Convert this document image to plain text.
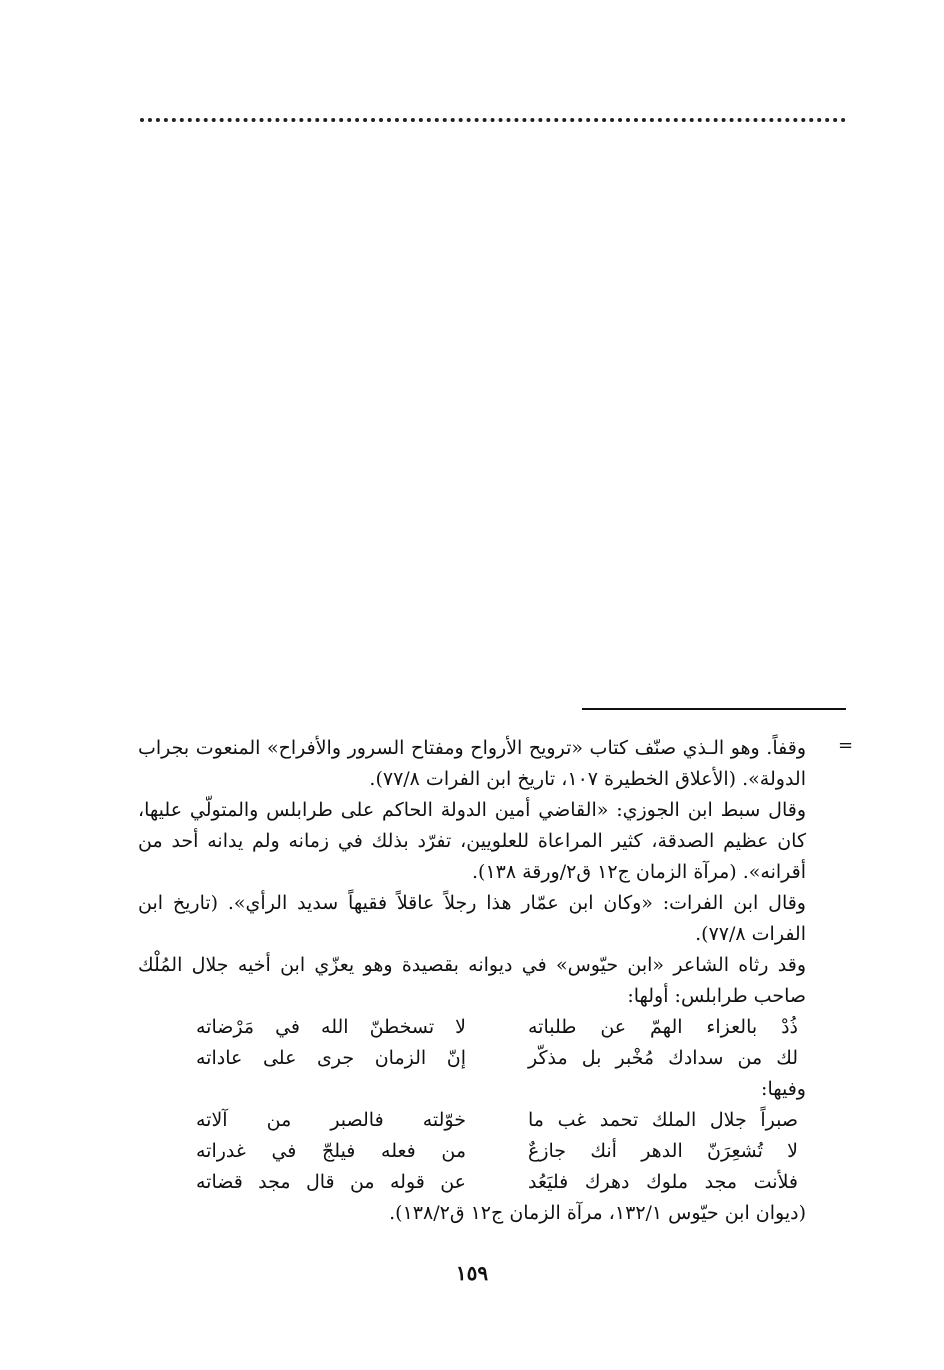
=

وقفاً. وهو الـذي صنّف كتاب «ترويح الأرواح ومفتاح السرور والأفراح» المنعوت بجراب الدولة». (الأعلاق الخطيرة ١٠٧، تاريخ ابن الفرات ٧٧/٨).

وقال سبط ابن الجوزي: «القاضي أمين الدولة الحاكم على طرابلس والمتولّي عليها، كان عظيم الصدقة، كثير المراعاة للعلويين، تفرّد بذلك في زمانه ولم يدانه أحد من أقرانه». (مرآة الزمان ج١٢ ق٢/ورقة ١٣٨).

وقال ابن الفرات: «وكان ابن عمّار هذا رجلاً عاقلاً فقيهاً سديد الرأي». (تاريخ ابن الفرات ٧٧/٨).

وقد رثاه الشاعر «ابن حيّوس» في ديوانه بقصيدة وهو يعزّي ابن أخيه جلال المُلْك صاحب طرابلس: أولها:

ذُدْ بالعزاء الهمّ عن طلباته
لا تسخطنّ الله في مَرْضاته
لك من سدادك مُخْبر بل مذكّر
إنّ الزمان جرى على عاداته

وفيها:

صبراً جلال الملك تحمد غب ما
خوّلته فالصبر من آلاته
لا تُشعِرَنّ الدهر أنك جازعٌ
من فعله فيلجّ في غدراته
فلأنت مجد ملوك دهرك فليَعُد
عن قوله من قال مجد قضاته

(ديوان ابن حيّوس ١٣٢/١، مرآة الزمان ج١٢ ق١٣٨/٢).

١٥٩
